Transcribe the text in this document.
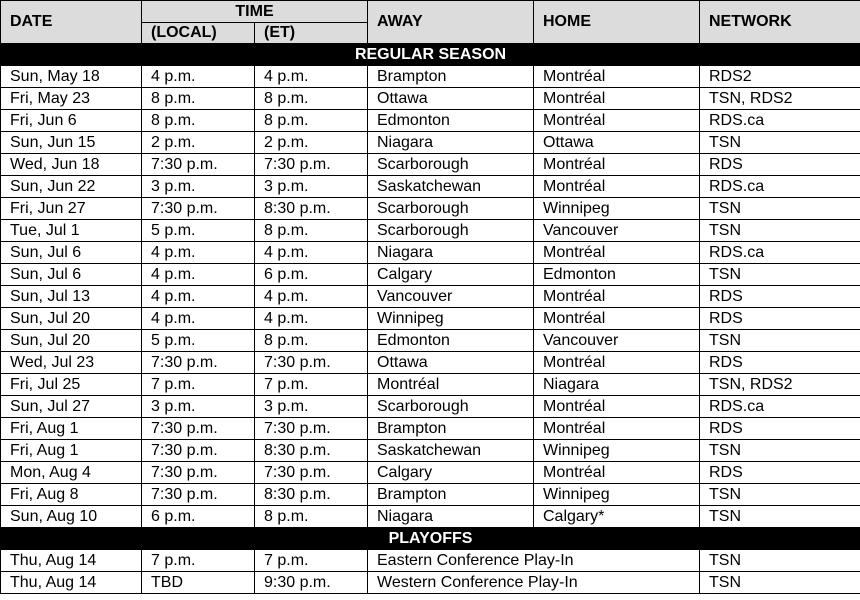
DATE	TIME		AWAY	HOME	NETWORK
	(LOCAL)	(ET)			
REGULAR SEASON					
Sun, May 18	4 p.m.	4 p.m.	Brampton	Montréal	RDS2
Fri, May 23	8 p.m.	8 p.m.	Ottawa	Montréal	TSN, RDS2
Fri, Jun 6	8 p.m.	8 p.m.	Edmonton	Montréal	RDS.ca
Sun, Jun 15	2 p.m.	2 p.m.	Niagara	Ottawa	TSN
Wed, Jun 18	7:30 p.m.	7:30 p.m.	Scarborough	Montréal	RDS
Sun, Jun 22	3 p.m.	3 p.m.	Saskatchewan	Montréal	RDS.ca
Fri, Jun 27	7:30 p.m.	8:30 p.m.	Scarborough	Winnipeg	TSN
Tue, Jul 1	5 p.m.	8 p.m.	Scarborough	Vancouver	TSN
Sun, Jul 6	4 p.m.	4 p.m.	Niagara	Montréal	RDS.ca
Sun, Jul 6	4 p.m.	6 p.m.	Calgary	Edmonton	TSN
Sun, Jul 13	4 p.m.	4 p.m.	Vancouver	Montréal	RDS
Sun, Jul 20	4 p.m.	4 p.m.	Winnipeg	Montréal	RDS
Sun, Jul 20	5 p.m.	8 p.m.	Edmonton	Vancouver	TSN
Wed, Jul 23	7:30 p.m.	7:30 p.m.	Ottawa	Montréal	RDS
Fri, Jul 25	7 p.m.	7 p.m.	Montréal	Niagara	TSN, RDS2
Sun, Jul 27	3 p.m.	3 p.m.	Scarborough	Montréal	RDS.ca
Fri, Aug 1	7:30 p.m.	7:30 p.m.	Brampton	Montréal	RDS
Fri, Aug 1	7:30 p.m.	8:30 p.m.	Saskatchewan	Winnipeg	TSN
Mon, Aug 4	7:30 p.m.	7:30 p.m.	Calgary	Montréal	RDS
Fri, Aug 8	7:30 p.m.	8:30 p.m.	Brampton	Winnipeg	TSN
Sun, Aug 10	6 p.m.	8 p.m.	Niagara	Calgary*	TSN
PLAYOFFS					
Thu, Aug 14	7 p.m.	7 p.m.	Eastern Conference Play-In		TSN
Thu, Aug 14	TBD	9:30 p.m.	Western Conference Play-In		TSN
